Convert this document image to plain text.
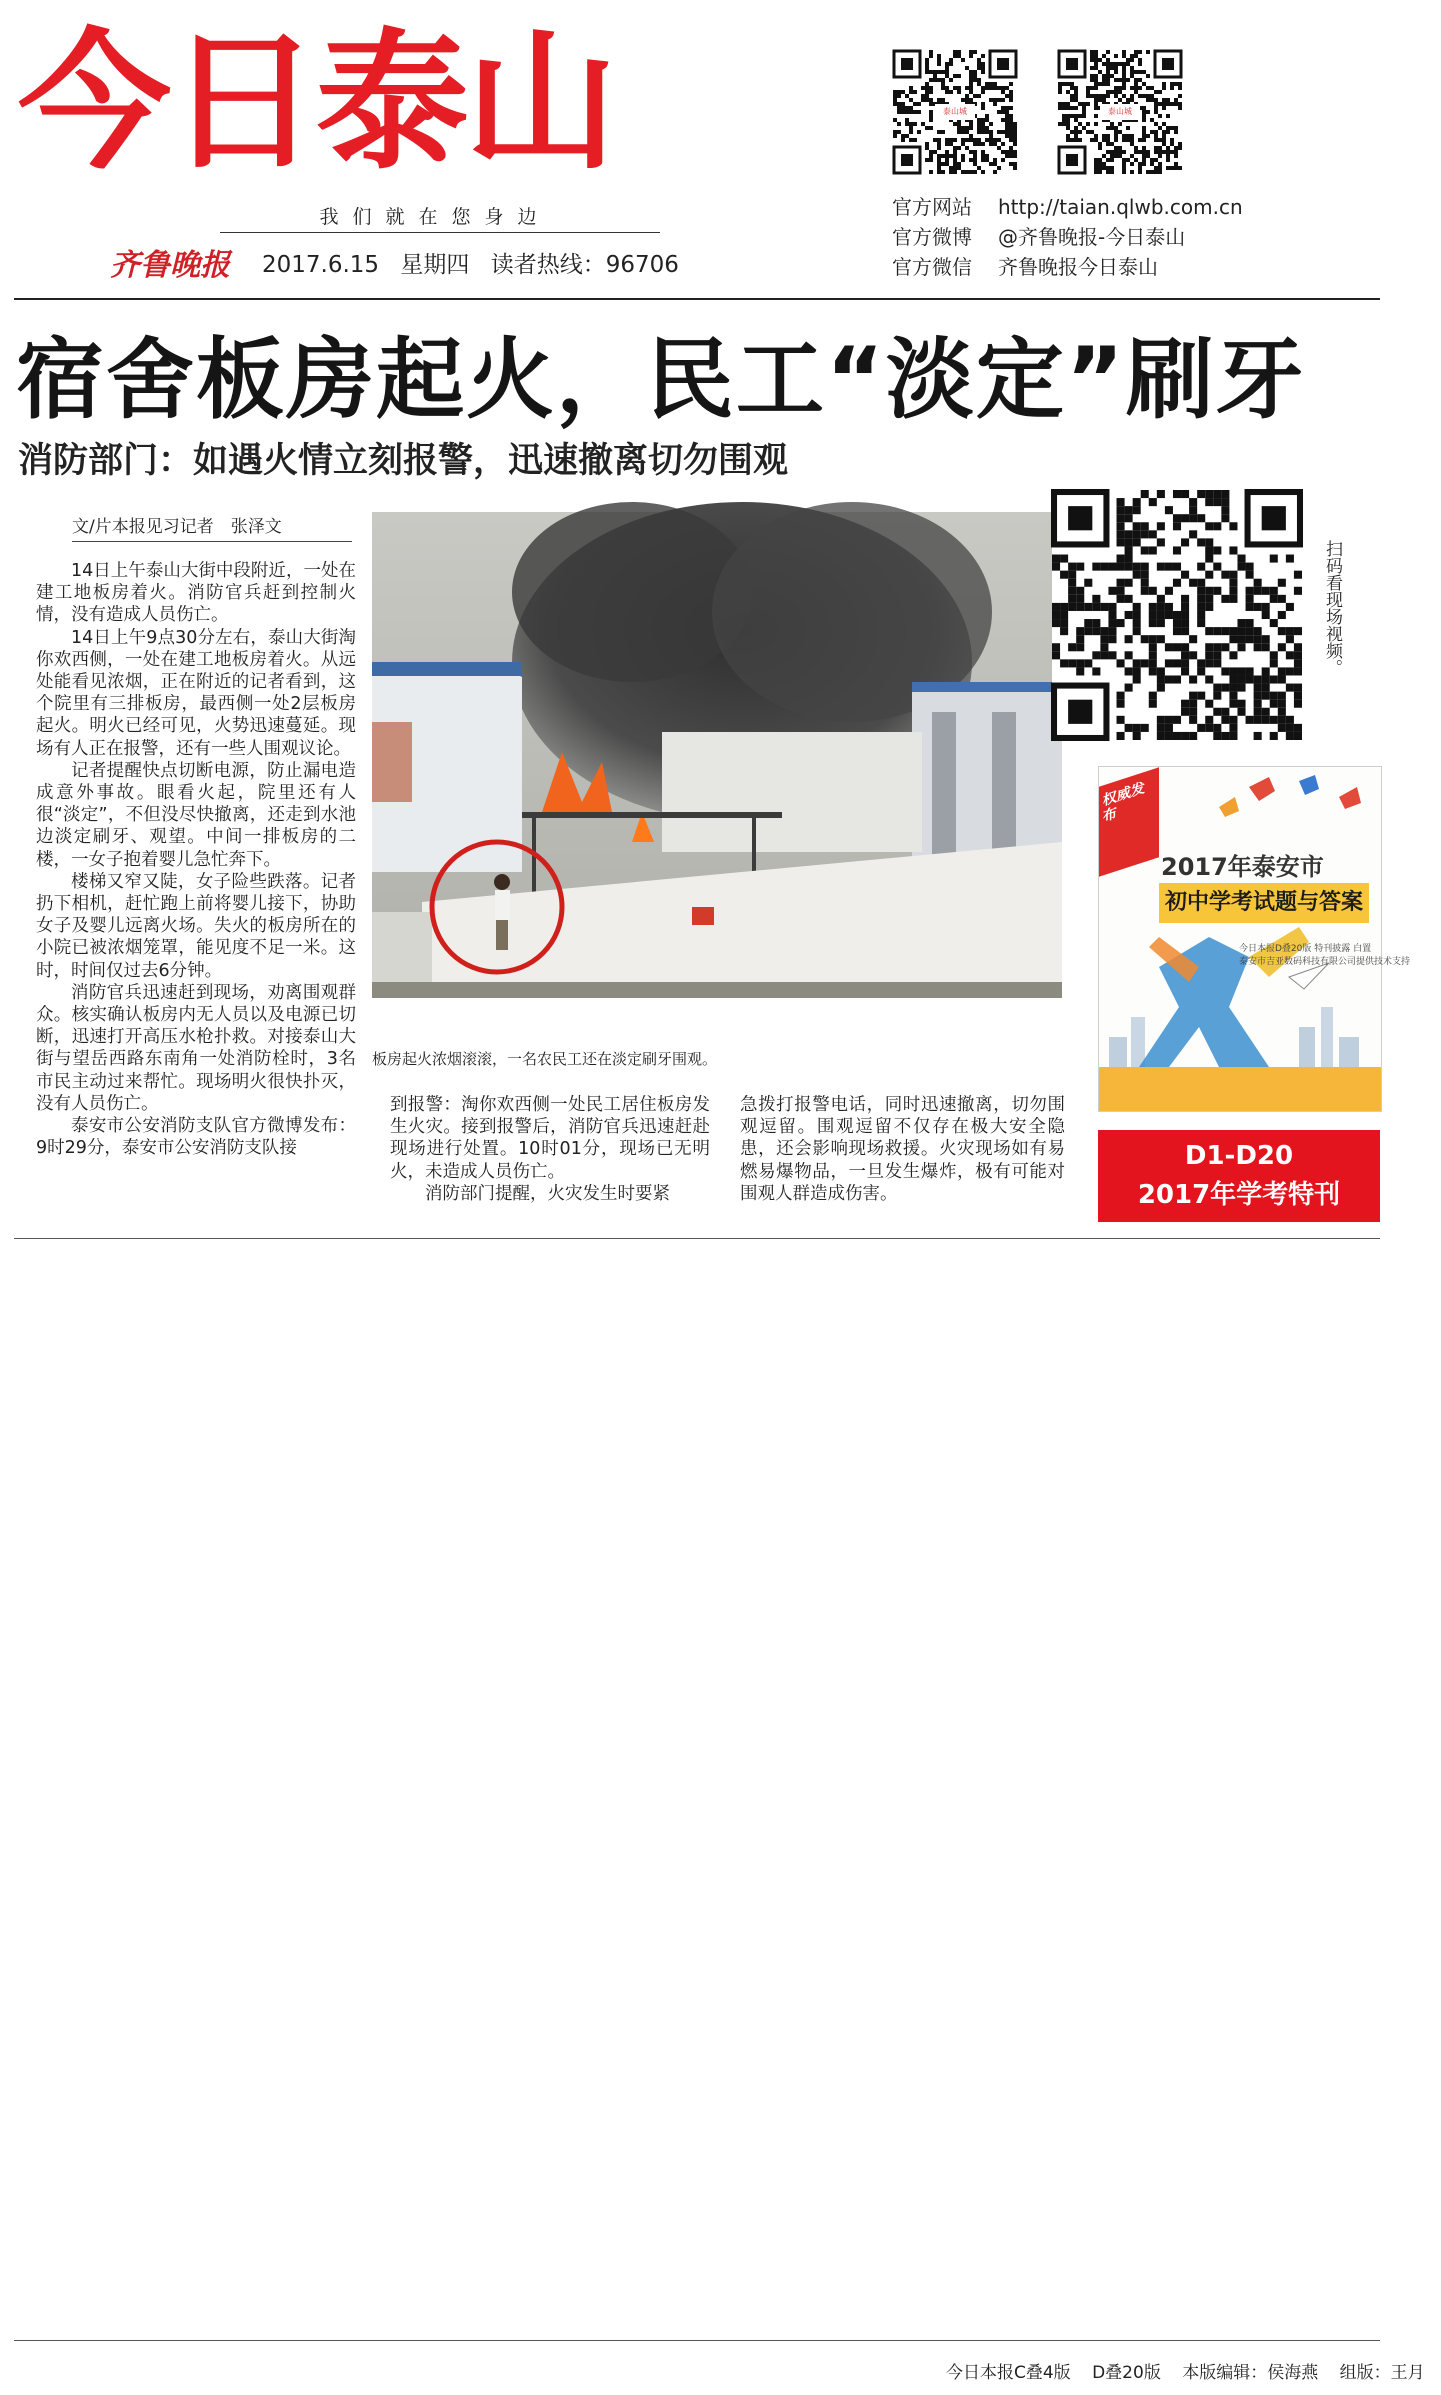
今日泰山
我们就在您身边
齐鲁晚报 2017.6.15 星期四 读者热线：96706
泰山城	泰山城
官方网站 http://taian.qlwb.com.cn
官方微博 @齐鲁晚报-今日泰山
官方微信 齐鲁晚报今日泰山
宿舍板房起火，民工“淡定”刷牙
消防部门：如遇火情立刻报警，迅速撤离切勿围观
文/片本报见习记者　张泽文

14日上午泰山大街中段附近，一处在建工地板房着火。消防官兵赶到控制火情，没有造成人员伤亡。

14日上午9点30分左右，泰山大街淘你欢西侧，一处在建工地板房着火。从远处能看见浓烟，正在附近的记者看到，这个院里有三排板房，最西侧一处2层板房起火。明火已经可见，火势迅速蔓延。现场有人正在报警，还有一些人围观议论。

记者提醒快点切断电源，防止漏电造成意外事故。眼看火起，院里还有人很“淡定”，不但没尽快撤离，还走到水池边淡定刷牙、观望。中间一排板房的二楼，一女子抱着婴儿急忙奔下。

楼梯又窄又陡，女子险些跌落。记者扔下相机，赶忙跑上前将婴儿接下，协助女子及婴儿远离火场。失火的板房所在的小院已被浓烟笼罩，能见度不足一米。这时，时间仅过去6分钟。

消防官兵迅速赶到现场，劝离围观群众。核实确认板房内无人员以及电源已切断，迅速打开高压水枪扑救。对接泰山大街与望岳西路东南角一处消防栓时，3名市民主动过来帮忙。现场明火很快扑灭，没有人员伤亡。

泰安市公安消防支队官方微博发布：9时29分，泰安市公安消防支队接

板房起火浓烟滚滚，一名农民工还在淡定刷牙围观。

到报警：淘你欢西侧一处民工居住板房发生火灾。接到报警后，消防官兵迅速赶赴现场进行处置。10时01分，现场已无明火，未造成人员伤亡。

消防部门提醒，火灾发生时要紧

急拨打报警电话，同时迅速撤离，切勿围观逗留。围观逗留不仅存在极大安全隐患，还会影响现场救援。火灾现场如有易燃易爆物品，一旦发生爆炸，极有可能对围观人群造成伤害。

扫码看现场视频。
权威发布
2017年泰安市
初中学考试题与答案
今日本报D叠20版 特刊披露 白置
泰安市吉亚数码科技有限公司提供技术支持
D1-D20
2017年学考特刊
今日本报C叠4版 D叠20版 本版编辑：侯海燕 组版：王月
